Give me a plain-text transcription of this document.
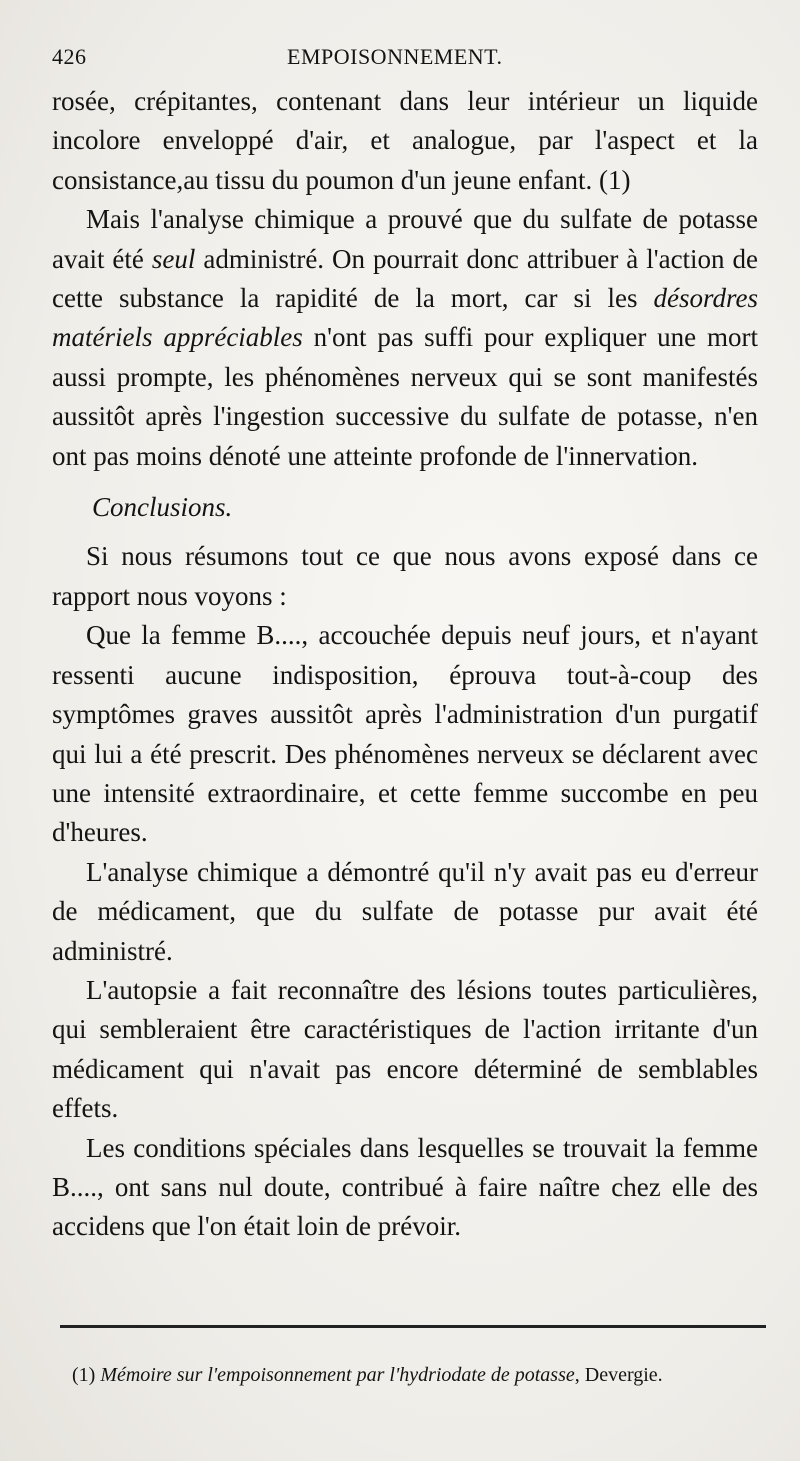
426	EMPOISONNEMENT.

rosée, crépitantes, contenant dans leur intérieur un liquide incolore enveloppé d'air, et analogue, par l'aspect et la consistance,au tissu du poumon d'un jeune enfant. (1)

Mais l'analyse chimique a prouvé que du sulfate de potasse avait été seul administré. On pourrait donc attribuer à l'action de cette substance la rapidité de la mort, car si les désordres matériels appréciables n'ont pas suffi pour expliquer une mort aussi prompte, les phénomènes nerveux qui se sont manifestés aussitôt après l'ingestion successive du sulfate de potasse, n'en ont pas moins dénoté une atteinte profonde de l'innervation.

Conclusions.

Si nous résumons tout ce que nous avons exposé dans ce rapport nous voyons :

Que la femme B...., accouchée depuis neuf jours, et n'ayant ressenti aucune indisposition, éprouva tout-à-coup des symptômes graves aussitôt après l'administration d'un purgatif qui lui a été prescrit. Des phénomènes nerveux se déclarent avec une intensité extraordinaire, et cette femme succombe en peu d'heures.

L'analyse chimique a démontré qu'il n'y avait pas eu d'erreur de médicament, que du sulfate de potasse pur avait été administré.

L'autopsie a fait reconnaître des lésions toutes particulières, qui sembleraient être caractéristiques de l'action irritante d'un médicament qui n'avait pas encore déterminé de semblables effets.

Les conditions spéciales dans lesquelles se trouvait la femme B...., ont sans nul doute, contribué à faire naître chez elle des accidens que l'on était loin de prévoir.

(1) Mémoire sur l'empoisonnement par l'hydriodate de potasse, Devergie.
